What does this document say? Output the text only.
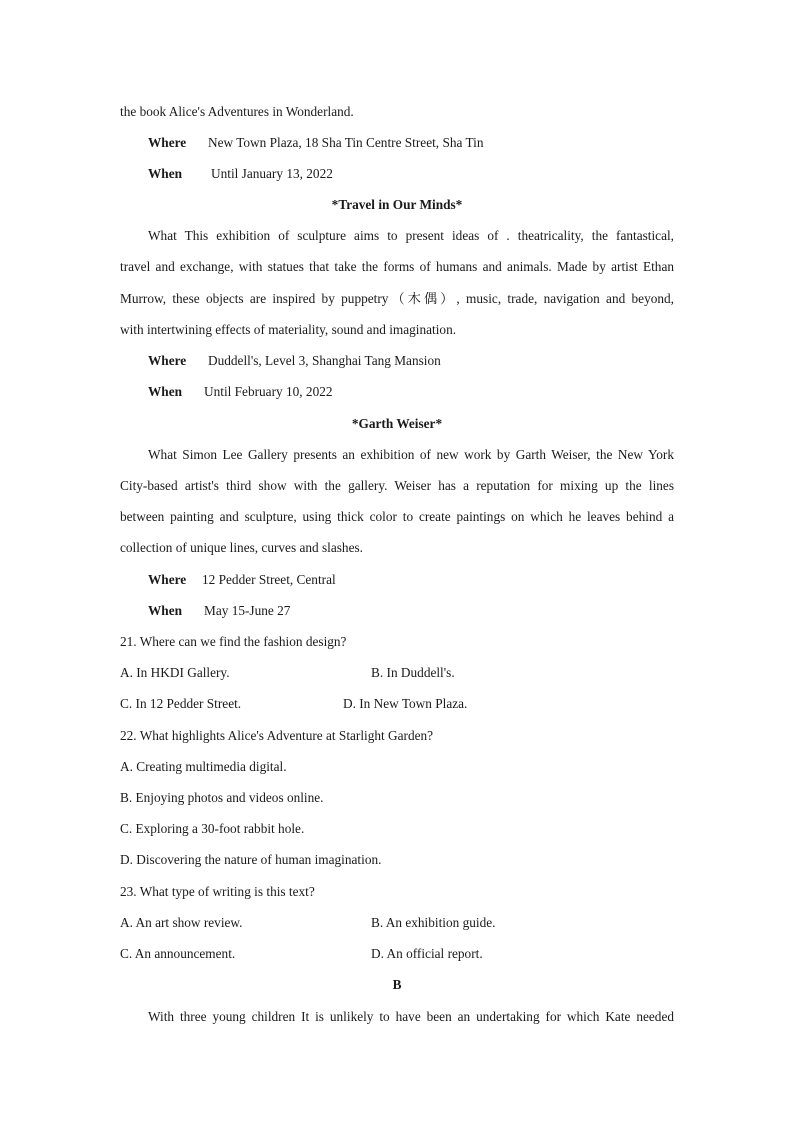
the book Alice's Adventures in Wonderland.
Where New Town Plaza, 18 Sha Tin Centre Street, Sha Tin
When Until January 13, 2022
*Travel in Our Minds*
What This exhibition of sculpture aims to present ideas of . theatricality, the fantastical,
travel and exchange, with statues that take the forms of humans and animals. Made by artist Ethan
Murrow, these objects are inspired by puppetry（木偶）, music, trade, navigation and beyond,
with intertwining effects of materiality, sound and imagination.
Where Duddell's, Level 3, Shanghai Tang Mansion
When Until February 10, 2022
*Garth Weiser*
What Simon Lee Gallery presents an exhibition of new work by Garth Weiser, the New York
City-based artist's third show with the gallery. Weiser has a reputation for mixing up the lines
between painting and sculpture, using thick color to create paintings on which he leaves behind a
collection of unique lines, curves and slashes.
Where 12 Pedder Street, Central
When May 15-June 27
21. Where can we find the fashion design?
A. In HKDI Gallery.	B. In Duddell's.
C. In 12 Pedder Street.	D. In New Town Plaza.
22. What highlights Alice's Adventure at Starlight Garden?
A. Creating multimedia digital.
B. Enjoying photos and videos online.
C. Exploring a 30-foot rabbit hole.
D. Discovering the nature of human imagination.
23. What type of writing is this text?
A. An art show review.	B. An exhibition guide.
C. An announcement.	D. An official report.
B
With three young children It is unlikely to have been an undertaking for which Kate needed
